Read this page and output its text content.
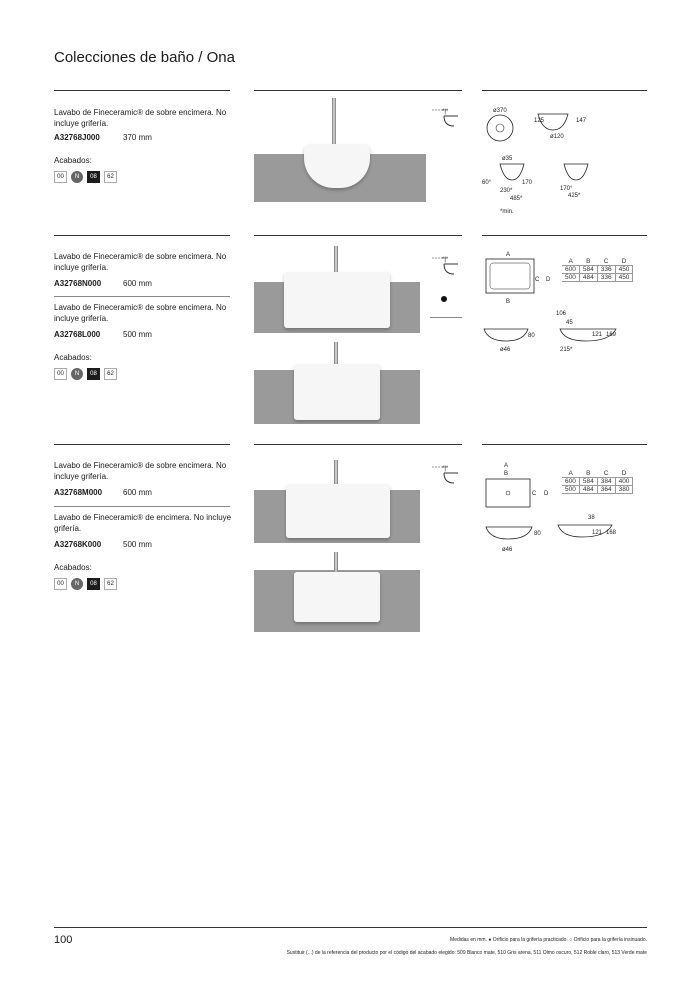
Colecciones de baño / Ona
Lavabo de Fineceramic® de sobre encimera. No incluye grifería.
A32768J000	370 mm
Acabados:
00	N	08	62
*|*	ø370
125	147
ø120
ø35
60°	170
230*
485*
170°
425*
*min.
Lavabo de Fineceramic® de sobre encimera. No incluye grifería.
A32768N000	600 mm
Lavabo de Fineceramic® de sobre encimera. No incluye grifería.
A32768L000	500 mm
Acabados:
00	N	08	62
*|*
A
B
C D
80
ø46
106
45
121 169
215*
A	B	C	D
600	584	336	450
500	484	336	450
Lavabo de Fineceramic® de sobre encimera. No incluye grifería.
A32768M000	600 mm
Lavabo de Fineceramic® de encimera. No incluye grifería.
A32768K000	500 mm
Acabados:
00	N	08	62
*|*	A
B
C D
80
ø46
38
121 168
A	B	C	D
600	584	384	400
500	484	364	380
100	Medidas en mm. ● Orificio para la grifería practicado. ○ Orificio para la grifería insinuado.
Sustituir (...) de la referencia del producto por el código del acabado elegido: 509 Blanco mate, 510 Gris arena, 511 Olmo oscuro, 512 Roble claro, 513 Verde mate
